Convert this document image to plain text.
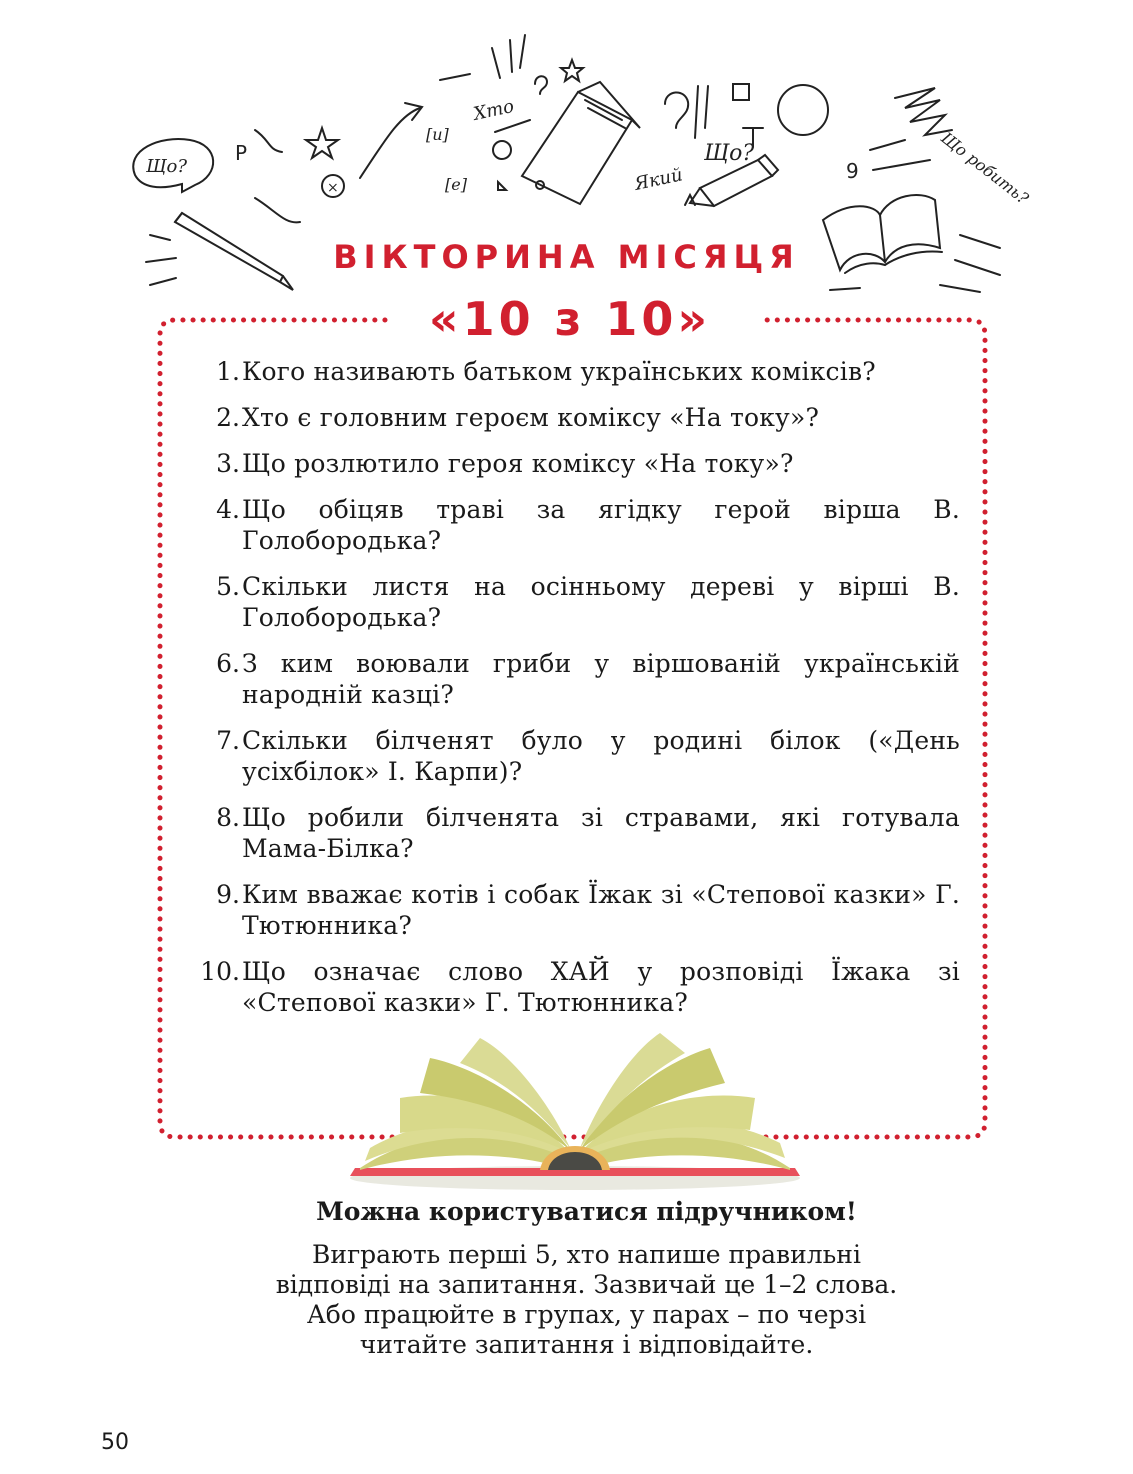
Що?
Хто
Який	Що робить?
[и]
[е]
Р
9
×
Що?
ВІКТОРИНА МІСЯЦЯ
«10 з 10»
1. Кого називають батьком українських коміксів?
2. Хто є головним героєм коміксу «На току»?
3. Що розлютило героя коміксу «На току»?
4. Що обіцяв траві за ягідку герой вірша В. Голобородька?
5. Скільки листя на осінньому дереві у вірші В. Голобородька?
6. З ким воювали гриби у віршованій українській народній казці?
7. Скільки білченят було у родині білок («День усіхбілок» І. Карпи)?
8. Що робили білченята зі стравами, які готувала Мама-Білка?
9. Ким вважає котів і собак Їжак зі «Степової казки» Г. Тютюнника?
10. Що означає слово ХАЙ у розповіді Їжака зі «Степової казки» Г. Тютюнника?
Можна користуватися підручником!

Виграють перші 5, хто напише правильні

відповіді на запитання. Зазвичай це 1–2 слова.

Або працюйте в групах, у парах – по черзі

читайте запитання і відповідайте.

50
